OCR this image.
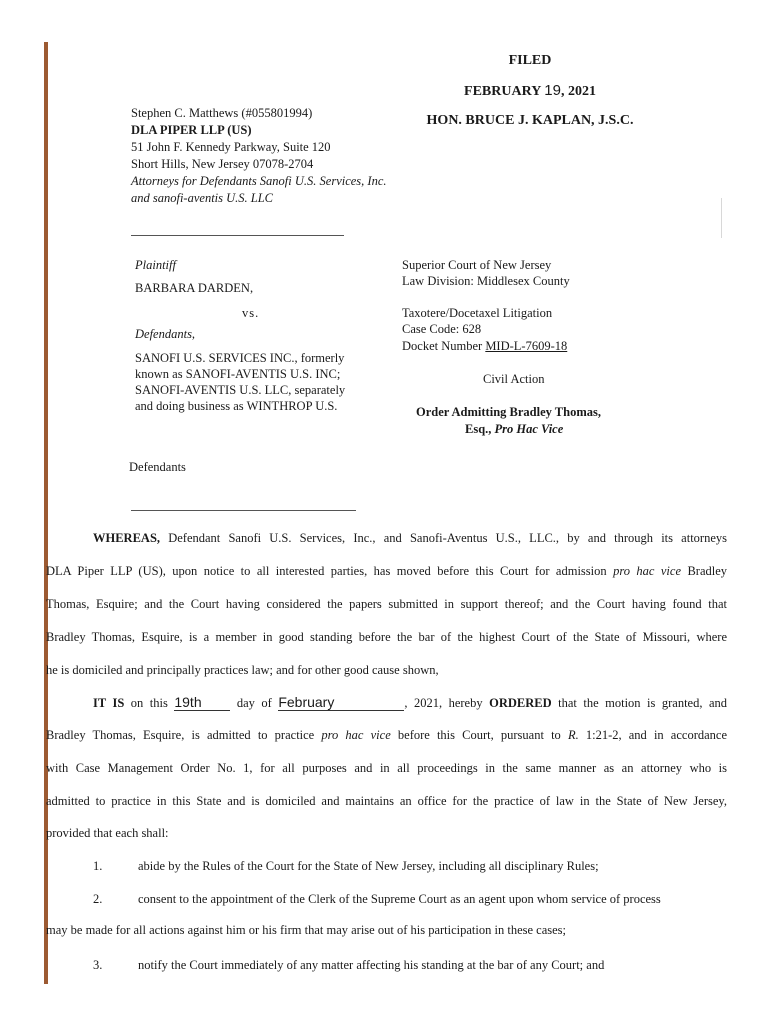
FILED
FEBRUARY 19, 2021
HON. BRUCE J. KAPLAN, J.S.C.
Stephen C. Matthews (#055801994)
DLA PIPER LLP (US)
51 John F. Kennedy Parkway, Suite 120
Short Hills, New Jersey 07078-2704
Attorneys for Defendants Sanofi U.S. Services, Inc.
and sanofi-aventis U.S. LLC
Plaintiff
BARBARA DARDEN,
vs.
Defendants,
SANOFI U.S. SERVICES INC., formerly
known as SANOFI-AVENTIS U.S. INC;
SANOFI-AVENTIS U.S. LLC, separately
and doing business as WINTHROP U.S.
Defendants
Superior Court of New Jersey
Law Division: Middlesex County
Taxotere/Docetaxel Litigation
Case Code: 628
Docket Number MID-L-7609-18
Civil Action
Order Admitting Bradley Thomas,
Esq., Pro Hac Vice
WHEREAS, Defendant Sanofi U.S. Services, Inc., and Sanofi-Aventus U.S., LLC., by and through its attorneys
DLA Piper LLP (US), upon notice to all interested parties, has moved before this Court for admission pro hac vice Bradley
Thomas, Esquire; and the Court having considered the papers submitted in support thereof; and the Court having found that
Bradley Thomas, Esquire, is a member in good standing before the bar of the highest Court of the State of Missouri, where
he is domiciled and principally practices law; and for other good cause shown,
IT IS on this 19th	day of February	, 2021, hereby ORDERED that the motion is granted, and
Bradley Thomas, Esquire, is admitted to practice pro hac vice before this Court, pursuant to R. 1:21-2, and in accordance
with Case Management Order No. 1, for all purposes and in all proceedings in the same manner as an attorney who is
admitted to practice in this State and is domiciled and maintains an office for the practice of law in the State of New Jersey,
provided that each shall:
1.	abide by the Rules of the Court for the State of New Jersey, including all disciplinary Rules;
2.	consent to the appointment of the Clerk of the Supreme Court as an agent upon whom service of process
may be made for all actions against him or his firm that may arise out of his participation in these cases;
3.	notify the Court immediately of any matter affecting his standing at the bar of any Court; and
